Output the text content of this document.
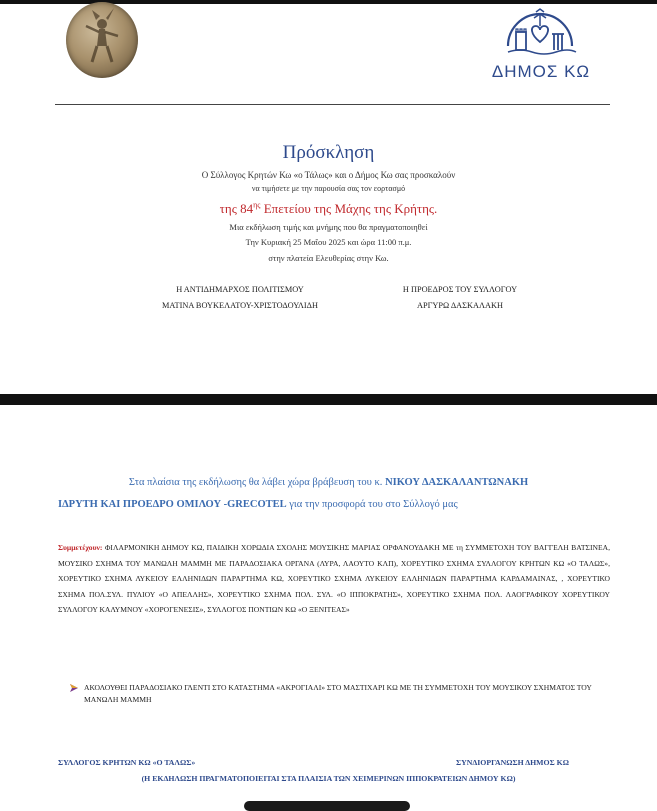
ΔΗΜΟΣ ΚΩ
Πρόσκληση
Ο Σύλλογος Κρητών Κω «ο Τάλως» και ο Δήμος Κω σας προσκαλούν
να τιμήσετε με την παρουσία σας τον εορτασμό
της $84^{\eta\varsigma}$ Επετείου της Μάχης της Κρήτης.
Μια εκδήλωση τιμής και μνήμης που θα πραγματοποιηθεί
Την Κυριακή 25 Μαΐου 2025 και ώρα 11:00 π.μ.
στην πλατεία Ελευθερίας στην Κω.
Η ΑΝΤΙΔΗΜΑΡΧΟΣ ΠΟΛΙΤΙΣΜΟΥ
ΜΑΤΙΝΑ ΒΟΥΚΕΛΑΤΟΥ-ΧΡΙΣΤΟΔΟΥΛΙΔΗ
Η ΠΡΟΕΔΡΟΣ ΤΟΥ ΣΥΛΛΟΓΟΥ
ΑΡΓΥΡΩ ΔΑΣΚΑΛΑΚΗ
Στα πλαίσια της εκδήλωσης θα λάβει χώρα βράβευση του κ. ΝΙΚΟΥ ΔΑΣΚΑΛΑΝΤΩΝΑΚΗ
ΙΔΡΥΤΗ ΚΑΙ ΠΡΟΕΔΡΟ ΟΜΙΛΟΥ -GRECOTEL για την προσφορά του στο Σύλλογό μας
Συμμετέχουν: ΦΙΛΑΡΜΟΝΙΚΗ ΔΗΜΟΥ ΚΩ, ΠΑΙΔΙΚΗ ΧΟΡΩΔΙΑ ΣΧΟΛΗΣ ΜΟΥΣΙΚΗΣ ΜΑΡΙΑΣ ΟΡΦΑΝΟΥΔΑΚΗ ΜΕ τη ΣΥΜΜΕΤΟΧΗ ΤΟΥ ΒΑΓΓΕΛΗ ΒΑΤΣΙΝΕΑ, ΜΟΥΣΙΚΟ ΣΧΗΜΑ ΤΟΥ ΜΑΝΩΛΗ ΜΑΜΜΗ ΜΕ ΠΑΡΑΔΟΣΙΑΚΑ ΟΡΓΑΝΑ (ΛΥΡΑ, ΛΑΟΥΤΟ ΚΛΠ), ΧΟΡΕΥΤΙΚΟ ΣΧΗΜΑ ΣΥΛΛΟΓΟΥ ΚΡΗΤΩΝ ΚΩ «Ο ΤΑΛΩΣ», ΧΟΡΕΥΤΙΚΟ ΣΧΗΜΑ ΛΥΚΕΙΟΥ ΕΛΛΗΝΙΔΩΝ ΠΑΡΑΡΤΗΜΑ ΚΩ, ΧΟΡΕΥΤΙΚΟ ΣΧΗΜΑ ΛΥΚΕΙΟΥ ΕΛΛΗΝΙΔΩΝ ΠΑΡΑΡΤΗΜΑ ΚΑΡΔΑΜΑΙΝΑΣ, , ΧΟΡΕΥΤΙΚΟ ΣΧΗΜΑ ΠΟΛ.ΣΥΛ. ΠΥΛΙΟΥ «Ο ΑΠΕΛΛΗΣ», ΧΟΡΕΥΤΙΚΟ ΣΧΗΜΑ ΠΟΛ. ΣΥΛ. «Ο ΙΠΠΟΚΡΑΤΗΣ», ΧΟΡΕΥΤΙΚΟ ΣΧΗΜΑ ΠΟΛ. ΛΑΟΓΡΑΦΙΚΟΥ ΧΟΡΕΥΤΙΚΟΥ ΣΥΛΛΟΓΟΥ ΚΑΛΥΜΝΟΥ «ΧΟΡΟΓΕΝΕΣΙΣ», ΣΥΛΛΟΓΟΣ ΠΟΝΤΙΩΝ ΚΩ «Ο ΞΕΝΙΤΕΑΣ»
ΑΚΟΛΟΥΘΕΙ ΠΑΡΑΔΟΣΙΑΚΟ ΓΛΕΝΤΙ ΣΤΟ ΚΑΤΑΣΤΗΜΑ «ΑΚΡΟΓΙΑΛΙ» ΣΤΟ ΜΑΣΤΙΧΑΡΙ ΚΩ ΜΕ ΤΗ ΣΥΜΜΕΤΟΧΗ ΤΟΥ ΜΟΥΣΙΚΟΥ ΣΧΗΜΑΤΟΣ ΤΟΥ ΜΑΝΩΛΗ ΜΑΜΜΗ
ΣΥΛΛΟΓΟΣ ΚΡΗΤΩΝ ΚΩ «Ο ΤΑΛΩΣ»	ΣΥΝΔΙΟΡΓΑΝΩΣΗ ΔΗΜΟΣ ΚΩ
(Η ΕΚΔΗΛΩΣΗ ΠΡΑΓΜΑΤΟΠΟΙΕΙΤΑΙ ΣΤΑ ΠΛΑΙΣΙΑ ΤΩΝ ΧΕΙΜΕΡΙΝΩΝ ΙΠΠΟΚΡΑΤΕΙΩΝ ΔΗΜΟΥ ΚΩ)
